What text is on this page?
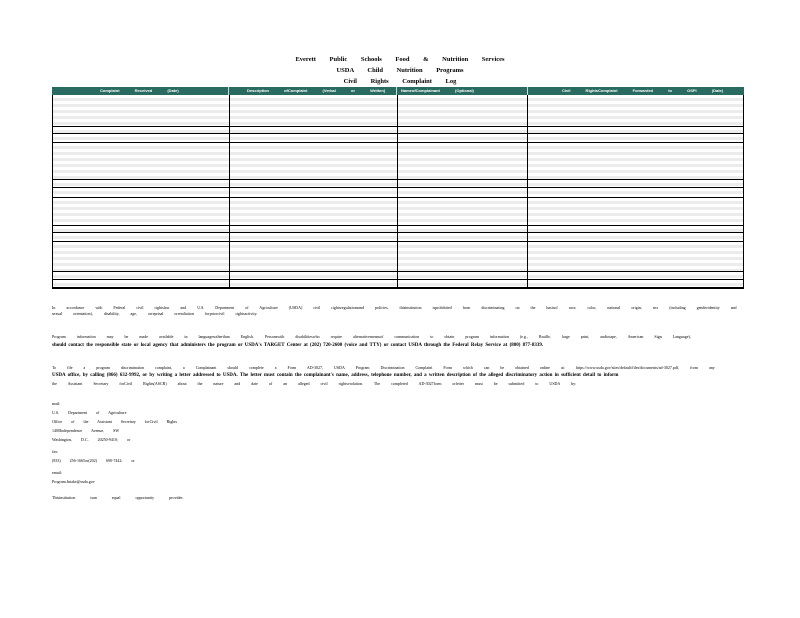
Everett Public Schools Food & Nutrition Services
USDA Child Nutrition Programs
Civil Rights Complaint Log
Complaint Received (Date)	Description ofComplaint (Verbal or Written)	NameofComplainant (Optional)	Civil RightsComplaint Forwarded to OSPI (Date)
In accordance with Federal civil rightslaw and U.S. Department of Agriculture (USDA) civil rightsregulationsand policies, thisinstitution isprohibited from discriminating on the basisof race, color, national origin, sex (including genderidentity and sexual orientation), disability, age, orreprisal orretaliation forpriorcivil rightsactivity.
Program information may be made available in languagesotherthan English. Personswith disabilitieswho require alternativemeansof communication to obtain program information (e.g., Braille, large print, audiotape, American Sign Language),
should contact the responsible state or local agency that administers the program or USDA's TARGET Center at (202) 720-2600 (voice and TTY) or contact USDA through the Federal Relay Service at (800) 877-8339.
To file a program discrimination complaint, a Complainant should complete a Form AD-3027, USDA Program Discrimination Complaint Form which can be obtained online at: https://www.usda.gov/sites/default/files/documents/ad-3027.pdf, from any
USDA office, by calling (866) 632-9992, or by writing a letter addressed to USDA. The letter must contain the complainant's name, address, telephone number, and a written description of the alleged discriminatory action in sufficient detail to inform
the Assistant Secretary forCivil Rights(ASCR) about the nature and date of an alleged civil rightsviolation. The completed AD-3027form orletter must be submitted to USDA by:
mail:
U.S. Department of Agriculture
Office of the Assistant Secretary forCivil Rights
1400Independence Avenue, SW
Washington, D.C. 20250-9410; or
fax:
(833) 256-1665or(202) 690-7442; or
email:
Program.Intake@usda.gov
Thisinstitution isan equal opportunity provider.
